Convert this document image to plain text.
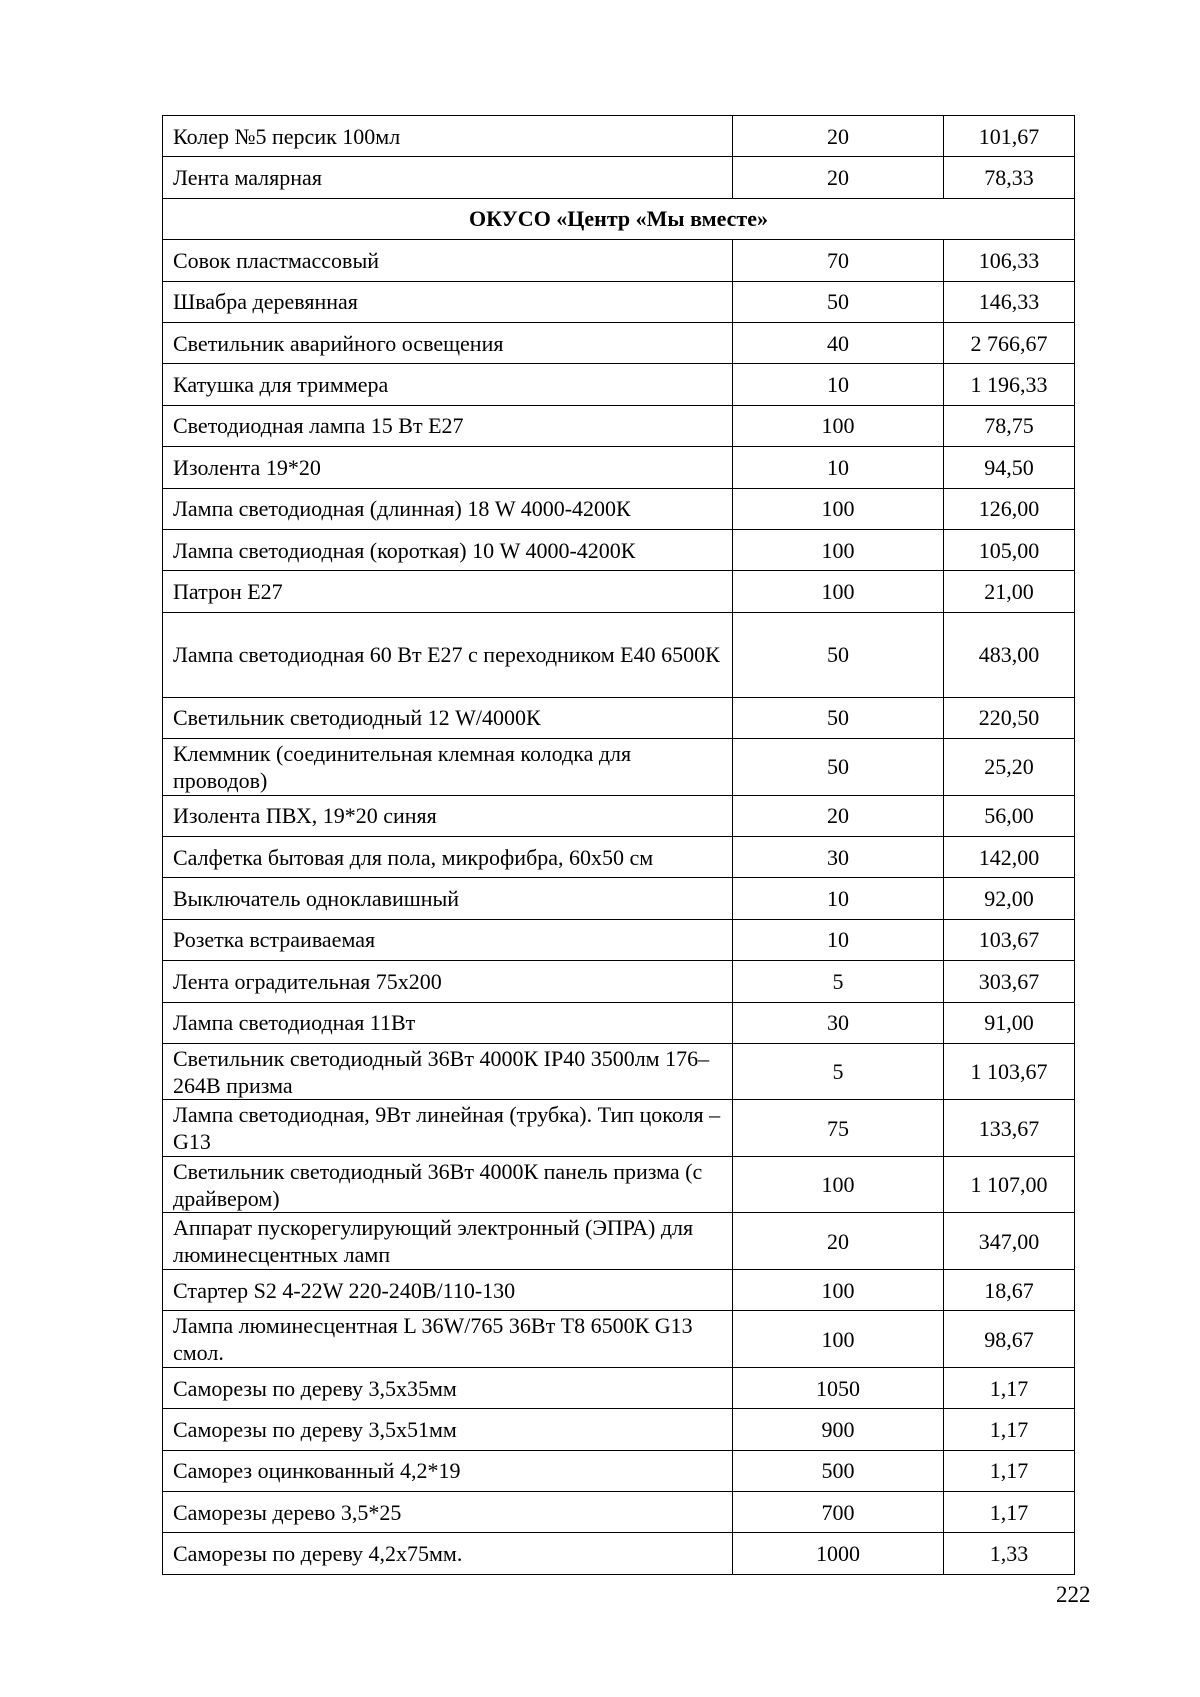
Колер №5 персик 100мл	20	101,67
Лента малярная	20	78,33
ОКУСО «Центр «Мы вместе»		
Совок пластмассовый	70	106,33
Швабра деревянная	50	146,33
Светильник аварийного освещения	40	2 766,67
Катушка для триммера	10	1 196,33
Светодиодная лампа 15 Вт Е27	100	78,75
Изолента 19*20	10	94,50
Лампа светодиодная (длинная) 18 W 4000-4200К	100	126,00
Лампа светодиодная (короткая) 10 W 4000-4200К	100	105,00
Патрон Е27	100	21,00
Лампа светодиодная 60 Вт Е27 с переходником Е40 6500К	50	483,00
Светильник светодиодный 12 W/4000К	50	220,50
Клеммник (соединительная клемная колодка для проводов)	50	25,20
Изолента ПВХ, 19*20 синяя	20	56,00
Салфетка бытовая для пола, микрофибра, 60х50 см	30	142,00
Выключатель одноклавишный	10	92,00
Розетка встраиваемая	10	103,67
Лента оградительная 75х200	5	303,67
Лампа светодиодная 11Вт	30	91,00
Светильник светодиодный 36Вт 4000К IP40 3500лм 176–264В призма	5	1 103,67
Лампа светодиодная, 9Вт линейная (трубка). Тип цоколя –G13	75	133,67
Светильник светодиодный 36Вт 4000К панель призма (с драйвером)	100	1 107,00
Аппарат пускорегулирующий электронный (ЭПРА) для люминесцентных ламп	20	347,00
Стартер S2 4-22W 220-240В/110-130	100	18,67
Лампа люминесцентная L 36W/765 36Вт Т8 6500К G13 смол.	100	98,67
Саморезы по дереву 3,5х35мм	1050	1,17
Саморезы по дереву 3,5х51мм	900	1,17
Саморез оцинкованный 4,2*19	500	1,17
Саморезы дерево 3,5*25	700	1,17
Саморезы по дереву 4,2х75мм.	1000	1,33
222
